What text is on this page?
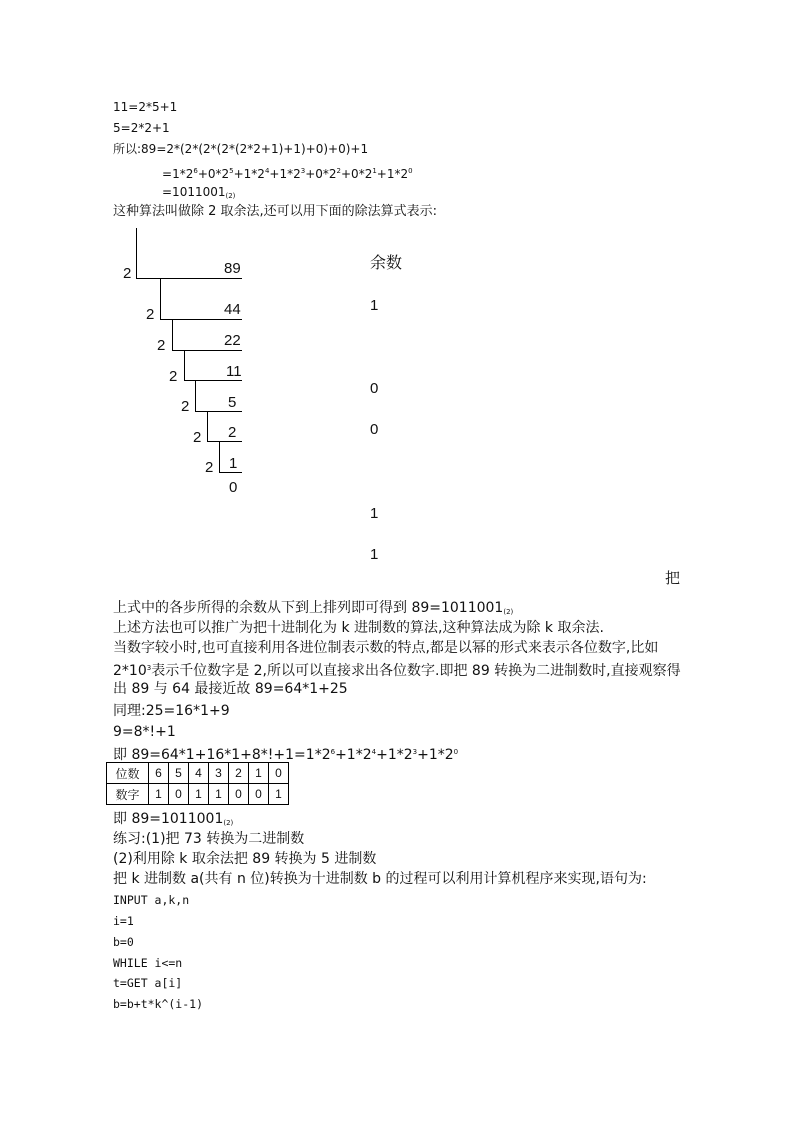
11=2*5+1
5=2*2+1
所以:89=2*(2*(2*(2*(2*2+1)+1)+0)+0)+1
$=1*2^6+0*2^5+1*2^4+1*2^3+0*2^2+0*2^1+1*2^0$
$=1011001_{(2)}$
这种算法叫做除 2 取余法,还可以用下面的除法算式表示:
2
2
2
2
2
2
2
89
44
22
11
5
2
1
0
余数
1
0
0
1
1
把
上式中的各步所得的余数从下到上排列即可得到 $89=1011001_{(2)}$
上述方法也可以推广为把十进制化为 k 进制数的算法,这种算法成为除 k 取余法.
当数字较小时,也可直接利用各进位制表示数的特点,都是以幂的形式来表示各位数字,比如
$2*10^3$表示千位数字是 2,所以可以直接求出各位数字.即把 89 转换为二进制数时,直接观察得
出 89 与 64 最接近故 89=64*1+25
同理:25=16*1+9
9=8*!+1
即 $89=64*1+16*1+8*!+1=1*2^6+1*2^4+1*2^3+1*2^0$
位数	6	5	4	3	2	1	0
数字	1	0	1	1	0	0	1
即 $89=1011001_{(2)}$
练习:(1)把 73 转换为二进制数
(2)利用除 k 取余法把 89 转换为 5 进制数
把 k 进制数 a(共有 n 位)转换为十进制数 b 的过程可以利用计算机程序来实现,语句为:
INPUT a,k,n
i=1
b=0
WHILE i<=n
t=GET a[i]
b=b+t*k^(i-1)
